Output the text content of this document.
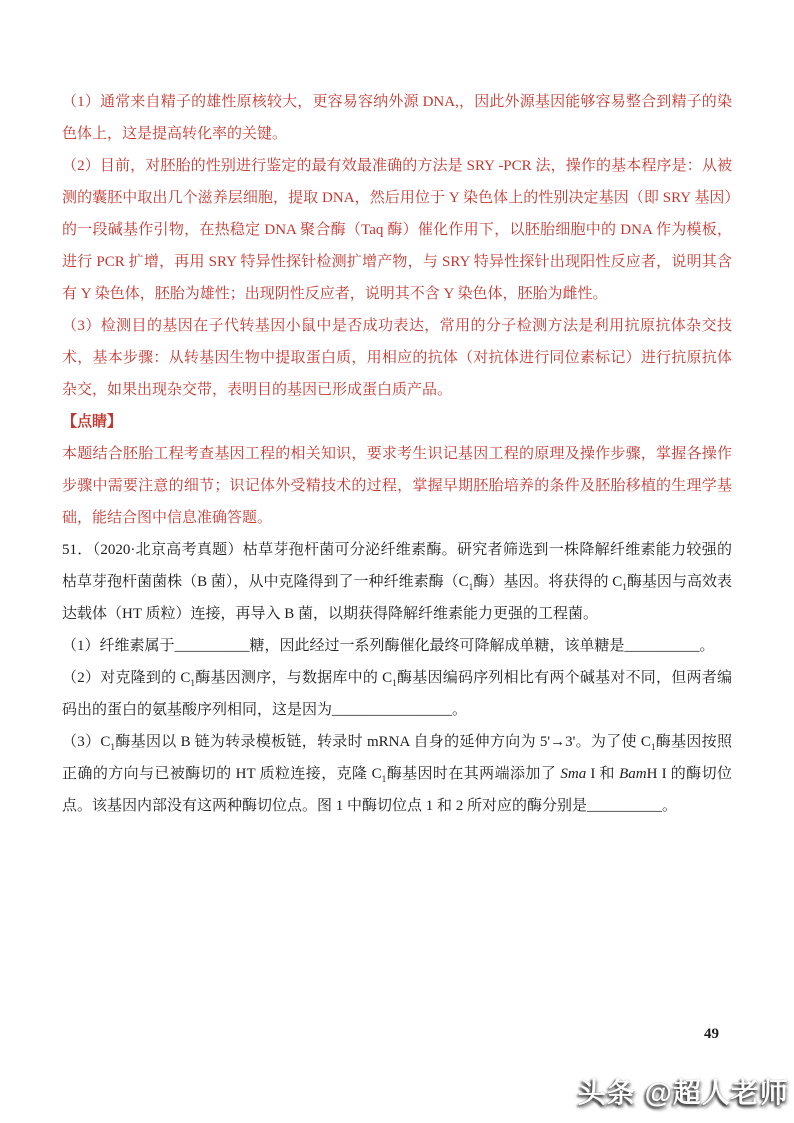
（1）通常来自精子的雄性原核较大，更容易容纳外源 DNA,，因此外源基因能够容易整合到精子的染色体上，这是提高转化率的关键。

（2）目前，对胚胎的性别进行鉴定的最有效最准确的方法是 SRY -PCR 法，操作的基本程序是：从被测的囊胚中取出几个滋养层细胞，提取 DNA，然后用位于 Y 染色体上的性别决定基因（即 SRY 基因）的一段碱基作引物，在热稳定 DNA 聚合酶（Taq 酶）催化作用下，以胚胎细胞中的 DNA 作为模板，进行 PCR 扩增，再用 SRY 特异性探针检测扩增产物，与 SRY 特异性探针出现阳性反应者，说明其含有 Y 染色体，胚胎为雄性；出现阴性反应者，说明其不含 Y 染色体，胚胎为雌性。

（3）检测目的基因在子代转基因小鼠中是否成功表达，常用的分子检测方法是利用抗原抗体杂交技术，基本步骤：从转基因生物中提取蛋白质，用相应的抗体（对抗体进行同位素标记）进行抗原抗体杂交，如果出现杂交带，表明目的基因已形成蛋白质产品。

【点睛】

本题结合胚胎工程考查基因工程的相关知识，要求考生识记基因工程的原理及操作步骤，掌握各操作步骤中需要注意的细节；识记体外受精技术的过程，掌握早期胚胎培养的条件及胚胎移植的生理学基础，能结合图中信息准确答题。

51．（2020·北京高考真题）枯草芽孢杆菌可分泌纤维素酶。研究者筛选到一株降解纤维素能力较强的枯草芽孢杆菌菌株（B 菌），从中克隆得到了一种纤维素酶（$C_1$酶）基因。将获得的 $C_1$酶基因与高效表达载体（HT 质粒）连接，再导入 B 菌，以期获得降解纤维素能力更强的工程菌。

（1）纤维素属于__________糖，因此经过一系列酶催化最终可降解成单糖，该单糖是__________。

（2）对克隆到的 $C_1$酶基因测序，与数据库中的 $C_1$酶基因编码序列相比有两个碱基对不同，但两者编码出的蛋白的氨基酸序列相同，这是因为________________。

$(3)C_1$酶基因以 B 链为转录模板链，转录时 mRNA 自身的延伸方向为 5'→3'。为了使 $C_1$酶基因按照正确的方向与已被酶切的 HT 质粒连接，克隆 $C_1$酶基因时在其两端添加了 Sma I 和 BamH I 的酶切位点。该基因内部没有这两种酶切位点。图 1 中酶切位点 1 和 2 所对应的酶分别是__________。

49
头条 @超人老师
